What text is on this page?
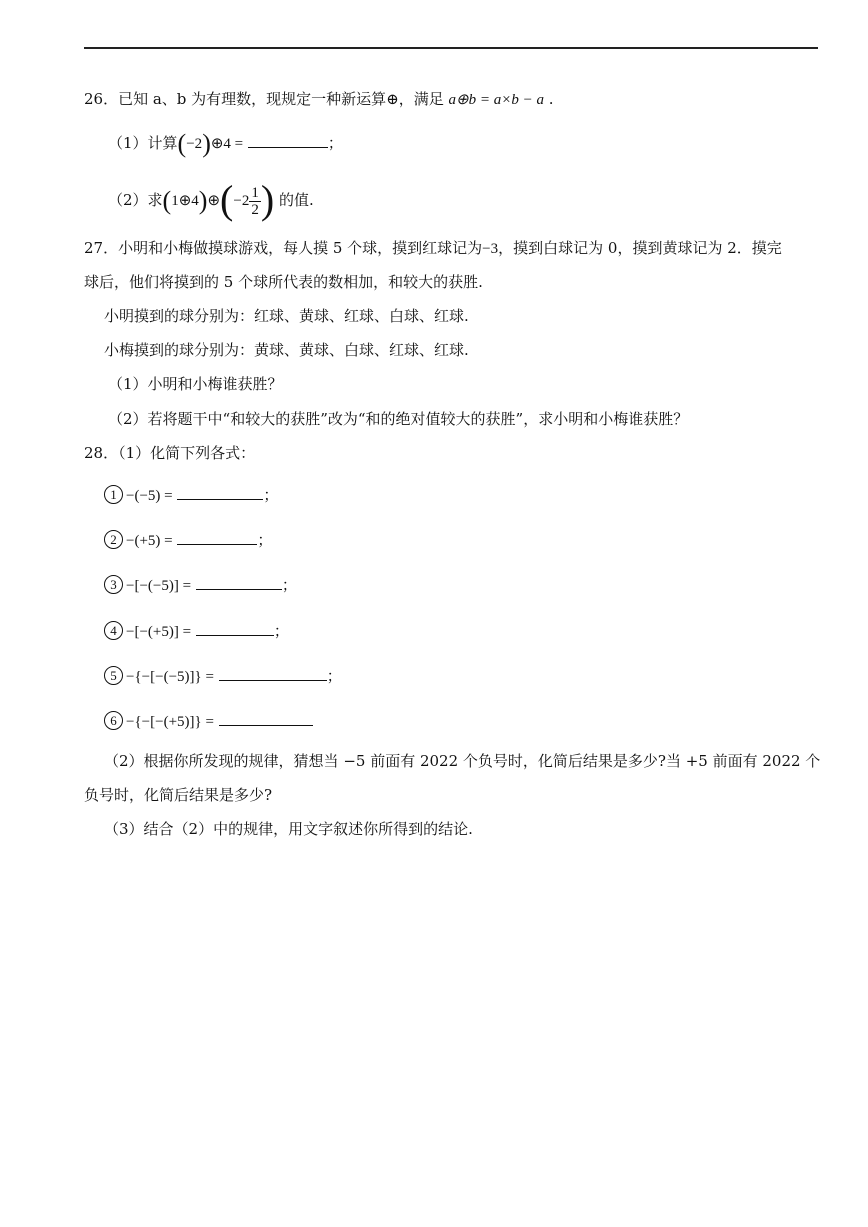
26．已知 a、b 为有理数，现规定一种新运算⊕，满足 a⊕b = a×b − a .
（1）计算(−2)⊕4 =	；
（2）求(1⊕4)⊕(−2 $\frac{1}{2}$ ) 的值.
27．小明和小梅做摸球游戏，每人摸 5 个球，摸到红球记为−3，摸到白球记为 0，摸到黄球记为 2．摸完
球后，他们将摸到的 5 个球所代表的数相加，和较大的获胜.
小明摸到的球分别为：红球、黄球、红球、白球、红球.
小梅摸到的球分别为：黄球、黄球、白球、红球、红球.
（1）小明和小梅谁获胜？
（2）若将题干中“和较大的获胜”改为“和的绝对值较大的获胜”，求小明和小梅谁获胜？
28．（1）化简下列各式：
1 −(−5) =	；
2 −(+5) =	；
3 −[−(−5)] =	；
4 −[−(+5)] =	；
5 −{−[−(−5)]} =	；
6 −{−[−(+5)]} =
（2）根据你所发现的规律，猜想当 −5 前面有 2022 个负号时，化简后结果是多少?当 +5 前面有 2022 个
负号时，化简后结果是多少?
（3）结合（2）中的规律，用文字叙述你所得到的结论.
